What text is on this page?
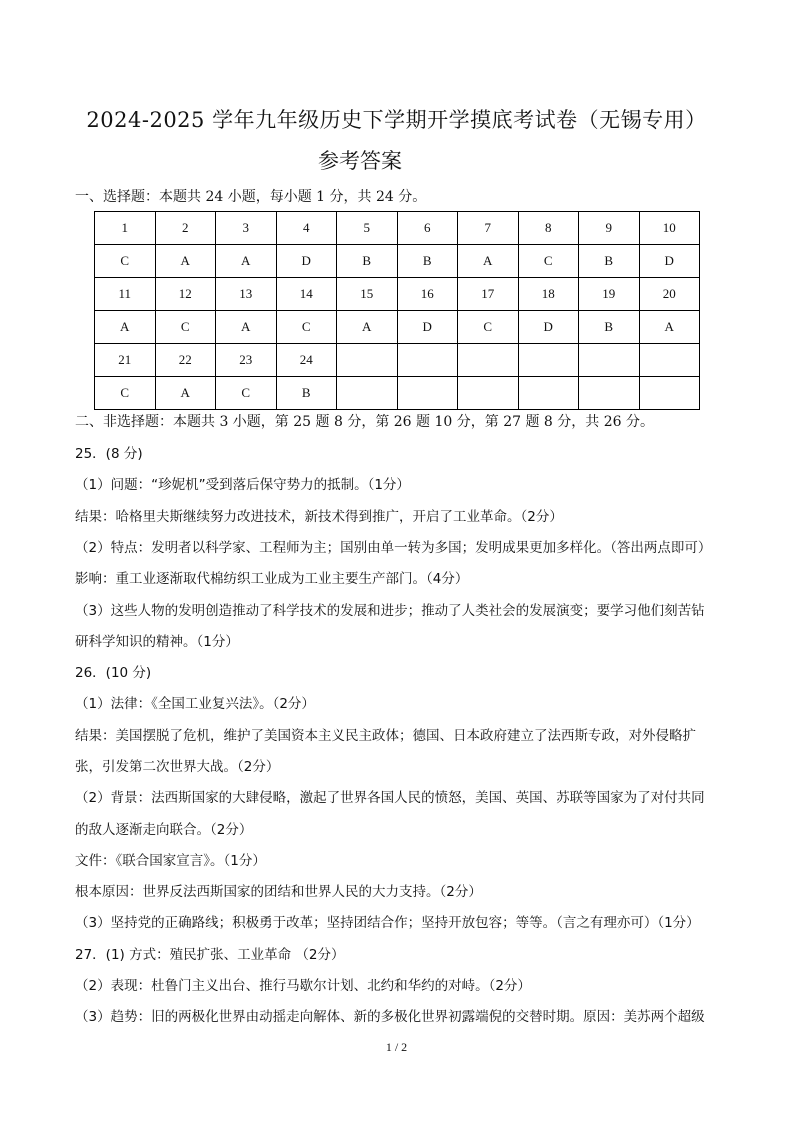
2024-2025 学年九年级历史下学期开学摸底考试卷（无锡专用）
参考答案
一、选择题：本题共 24 小题，每小题 1 分，共 24 分。
1	2	3	4	5	6	7	8	9	10
C	A	A	D	B	B	A	C	B	D
11	12	13	14	15	16	17	18	19	20
A	C	A	C	A	D	C	D	B	A
21	22	23	24						
C	A	C	B						
二、非选择题：本题共 3 小题，第 25 题 8 分，第 26 题 10 分，第 27 题 8 分，共 26 分。
25．(8 分)
（1）问题：“珍妮机”受到落后保守势力的抵制。（1分）
结果：哈格里夫斯继续努力改进技术，新技术得到推广，开启了工业革命。（2分）
（2）特点：发明者以科学家、工程师为主；国别由单一转为多国；发明成果更加多样化。（答出两点即可）
影响：重工业逐渐取代棉纺织工业成为工业主要生产部门。（4分）
（3）这些人物的发明创造推动了科学技术的发展和进步；推动了人类社会的发展演变；要学习他们刻苦钻
研科学知识的精神。（1分）
26．(10 分)
（1）法律：《全国工业复兴法》。（2分）
结果：美国摆脱了危机，维护了美国资本主义民主政体；德国、日本政府建立了法西斯专政，对外侵略扩
张，引发第二次世界大战。（2分）
（2）背景：法西斯国家的大肆侵略，激起了世界各国人民的愤怒，美国、英国、苏联等国家为了对付共同
的敌人逐渐走向联合。（2分）
文件：《联合国家宣言》。（1分）
根本原因：世界反法西斯国家的团结和世界人民的大力支持。（2分）
（3）坚持党的正确路线；积极勇于改革；坚持团结合作；坚持开放包容；等等。（言之有理亦可）（1分）
27．(1) 方式：殖民扩张、工业革命 （2分）
（2）表现：杜鲁门主义出台、推行马歇尔计划、北约和华约的对峙。（2分）
（3）趋势：旧的两极化世界由动摇走向解体、新的多极化世界初露端倪的交替时期。原因：美苏两个超级
1 / 2
